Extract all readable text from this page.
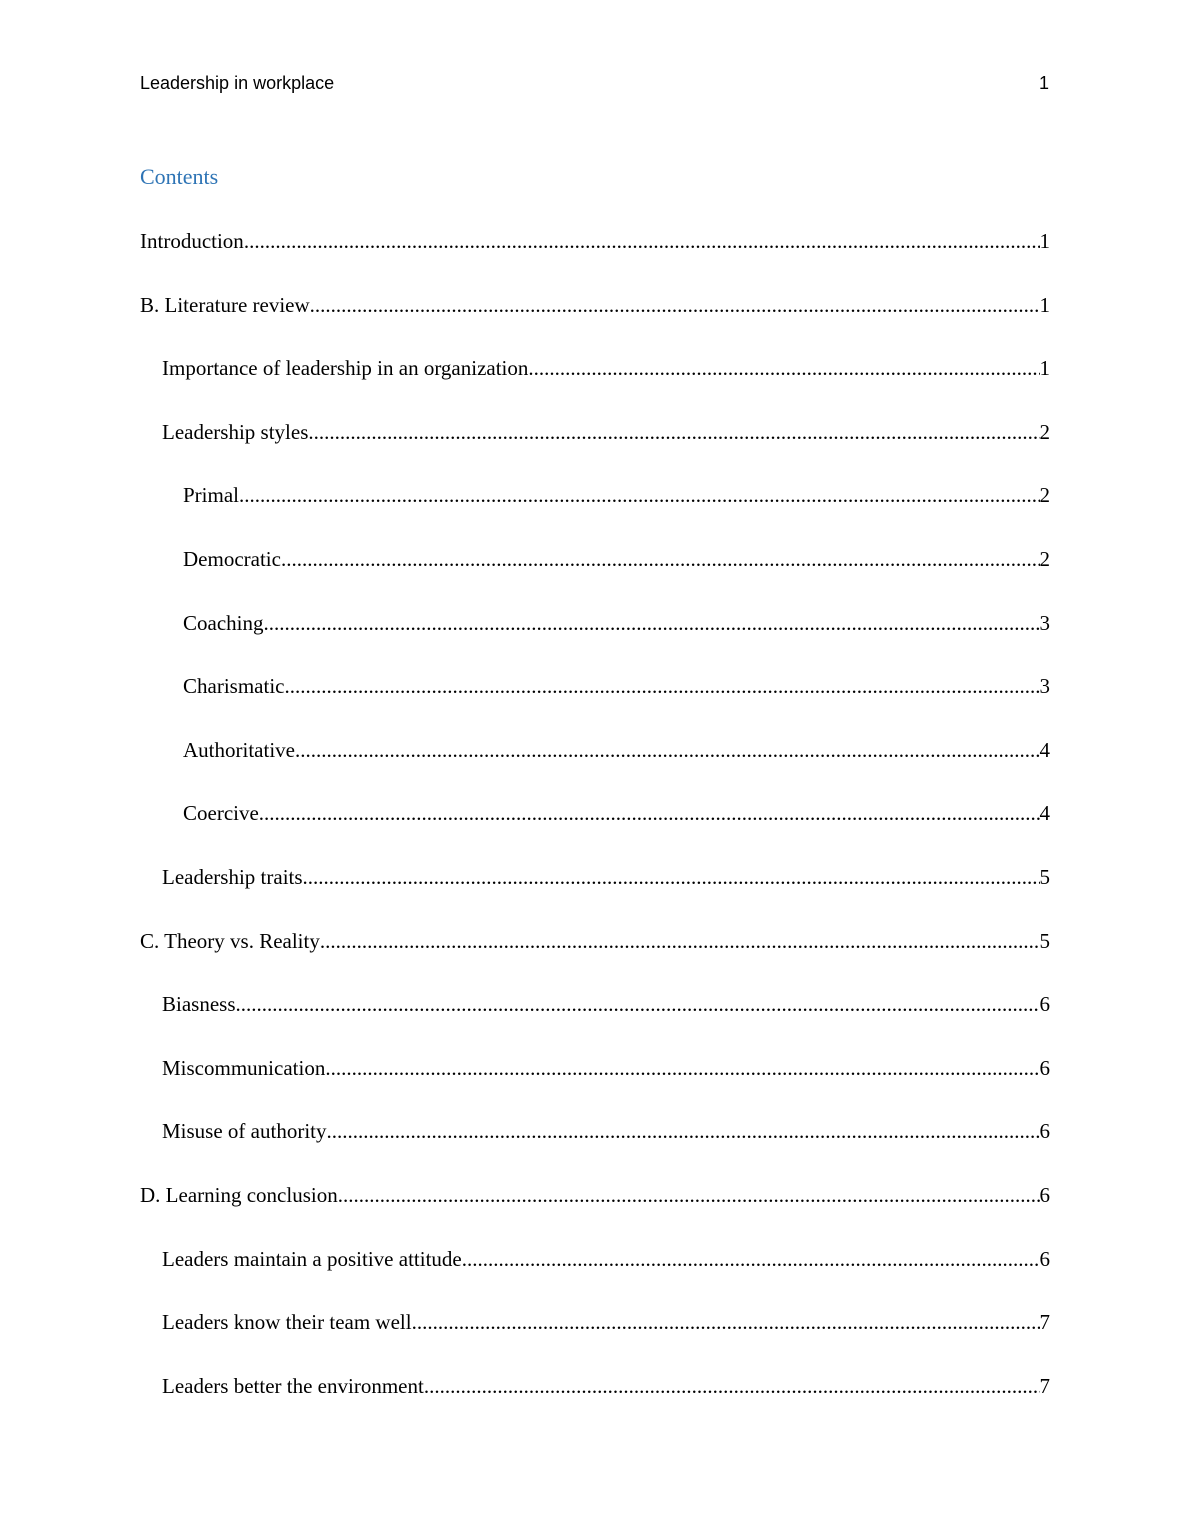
Leadership in workplace	1
Contents
Introduction .....	1
B. Literature review .....	1
Importance of leadership in an organization .....	1
Leadership styles .....	2
Primal .....	2
Democratic .....	2
Coaching .....	3
Charismatic .....	3
Authoritative .....	4
Coercive .....	4
Leadership traits .....	5
C. Theory vs. Reality .....	5
Biasness .....	6
Miscommunication .....	6
Misuse of authority .....	6
D. Learning conclusion .....	6
Leaders maintain a positive attitude .....	6
Leaders know their team well .....	7
Leaders better the environment .....	7
